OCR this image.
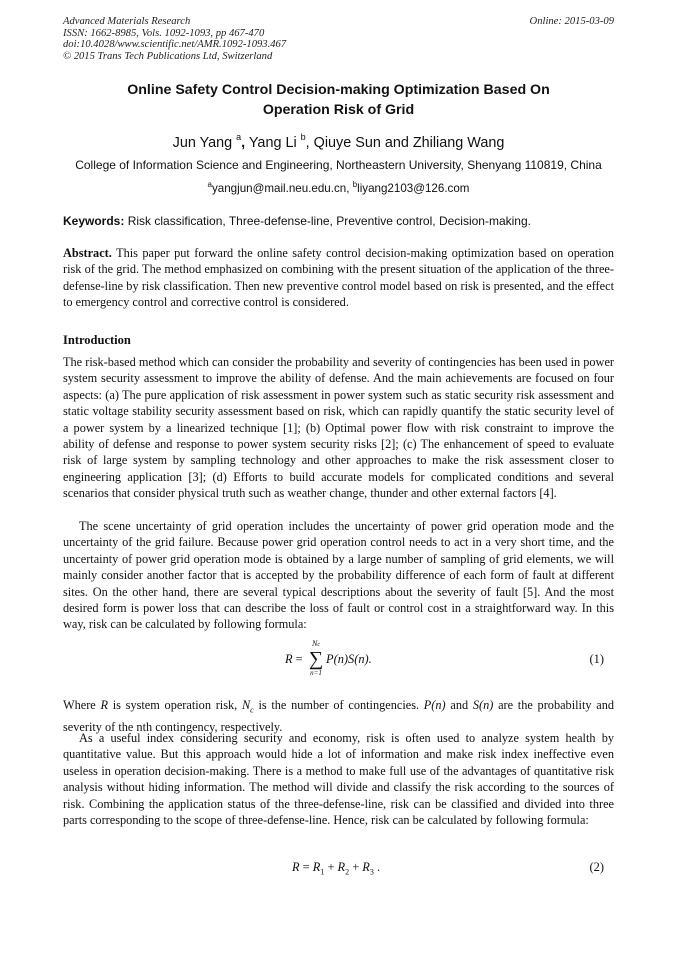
Advanced Materials Research
ISSN: 1662-8985, Vols. 1092-1093, pp 467-470
doi:10.4028/www.scientific.net/AMR.1092-1093.467
© 2015 Trans Tech Publications Ltd, Switzerland
Online: 2015-03-09
Online Safety Control Decision-making Optimization Based On
Operation Risk of Grid
Jun Yang $^a$, Yang Li $^b$, Qiuye Sun and Zhiliang Wang
College of Information Science and Engineering, Northeastern University, Shenyang 110819, China
$^a$yangjun@mail.neu.edu.cn, $^b$liyang2103@126.com
Keywords: Risk classification, Three-defense-line, Preventive control, Decision-making.
Abstract. This paper put forward the online safety control decision-making optimization based on operation risk of the grid. The method emphasized on combining with the present situation of the application of the three-defense-line by risk classification. Then new preventive control model based on risk is presented, and the effect to emergency control and corrective control is considered.
Introduction
The risk-based method which can consider the probability and severity of contingencies has been used in power system security assessment to improve the ability of defense. And the main achievements are focused on four aspects: (a) The pure application of risk assessment in power system such as static security risk assessment and static voltage stability security assessment based on risk, which can rapidly quantify the static security level of a power system by a linearized technique [1]; (b) Optimal power flow with risk constraint to improve the ability of defense and response to power system security risks [2]; (c) The enhancement of speed to evaluate risk of large system by sampling technology and other approaches to make the risk assessment closer to engineering application [3]; (d) Efforts to build accurate models for complicated conditions and several scenarios that consider physical truth such as weather change, thunder and other external factors [4].
The scene uncertainty of grid operation includes the uncertainty of power grid operation mode and the uncertainty of the grid failure. Because power grid operation control needs to act in a very short time, and the uncertainty of power grid operation mode is obtained by a large number of sampling of grid elements, we will mainly consider another factor that is accepted by the probability difference of each form of fault at different sites. On the other hand, there are several typical descriptions about the severity of fault [5]. And the most desired form is power loss that can describe the loss of fault or control cost in a straightforward way. In this way, risk can be calculated by following formula:
R =
Nc
∑
n=1
P(n)S(n).	(1)
Where R is system operation risk, $N_c$ is the number of contingencies. P(n) and S(n) are the probability and severity of the nth contingency, respectively.
As a useful index considering security and economy, risk is often used to analyze system health by quantitative value. But this approach would hide a lot of information and make risk index ineffective even useless in operation decision-making. There is a method to make full use of the advantages of quantitative risk analysis without hiding information. The method will divide and classify the risk according to the sources of risk. Combining the application status of the three-defense-line, risk can be classified and divided into three parts corresponding to the scope of three-defense-line. Hence, risk can be calculated by following formula:
$R = R_1 + R_2 + R_3$ .	(2)
